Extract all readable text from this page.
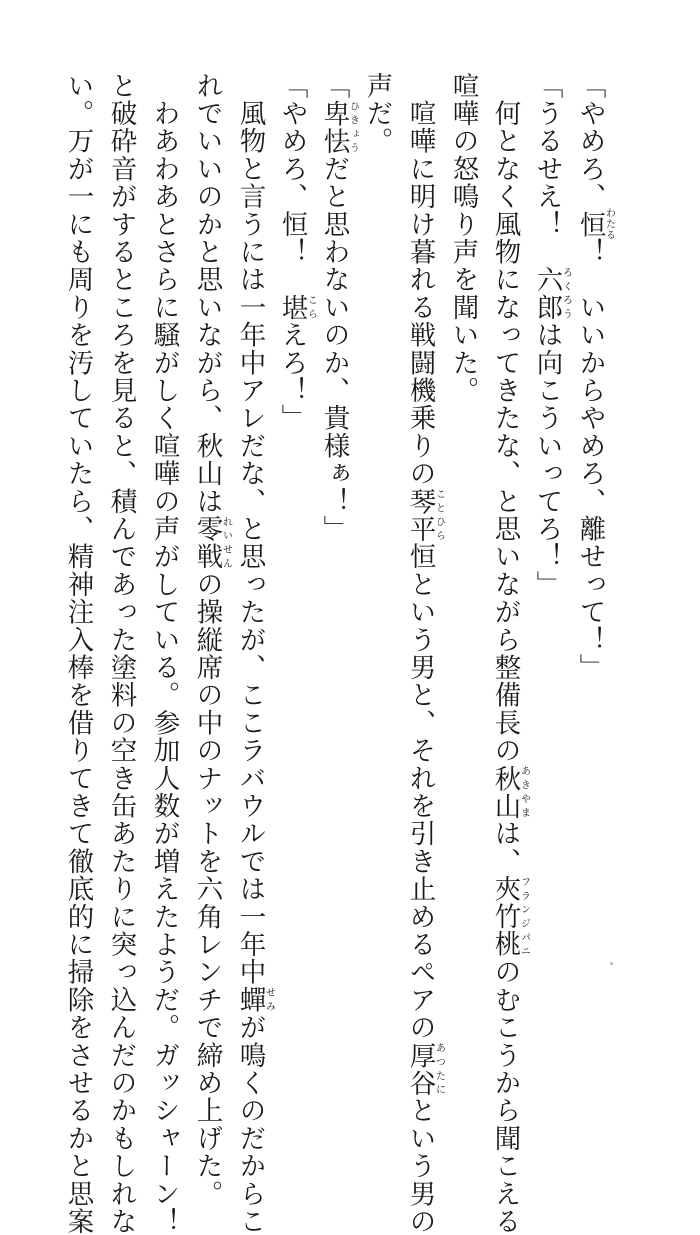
「やめろ、恒わたる！　いいからやめろ、離せって！」
「うるせえ！　六郎ろくろうは向こういってろ！」
　何となく風物になってきたな、と思いながら整備長の秋山あきやまは、夾竹桃フランジパニのむこうから聞こえる
喧嘩の怒鳴り声を聞いた。
　喧嘩に明け暮れる戦闘機乗りの琴平ことひら恒という男と、それを引き止めるペアの厚谷あつたにという男の
声だ。
「卑怯ひきょうだと思わないのか、貴様ぁ！」
「やめろ、恒！　堪こらえろ！」
　風物と言うには一年中アレだな、と思ったが、ここラバウルでは一年中蟬せみが鳴くのだからこ
れでいいのかと思いながら、秋山は零戦れいせんの操縦席の中のナットを六角レンチで締め上げた。
　わあわあとさらに騒がしく喧嘩の声がしている。参加人数が増えたようだ。ガッシャーン！
と破砕音がするところを見ると、積んであった塗料の空き缶あたりに突っ込んだのかもしれな
い。万が一にも周りを汚していたら、精神注入棒を借りてきて徹底的に掃除をさせるかと思案
